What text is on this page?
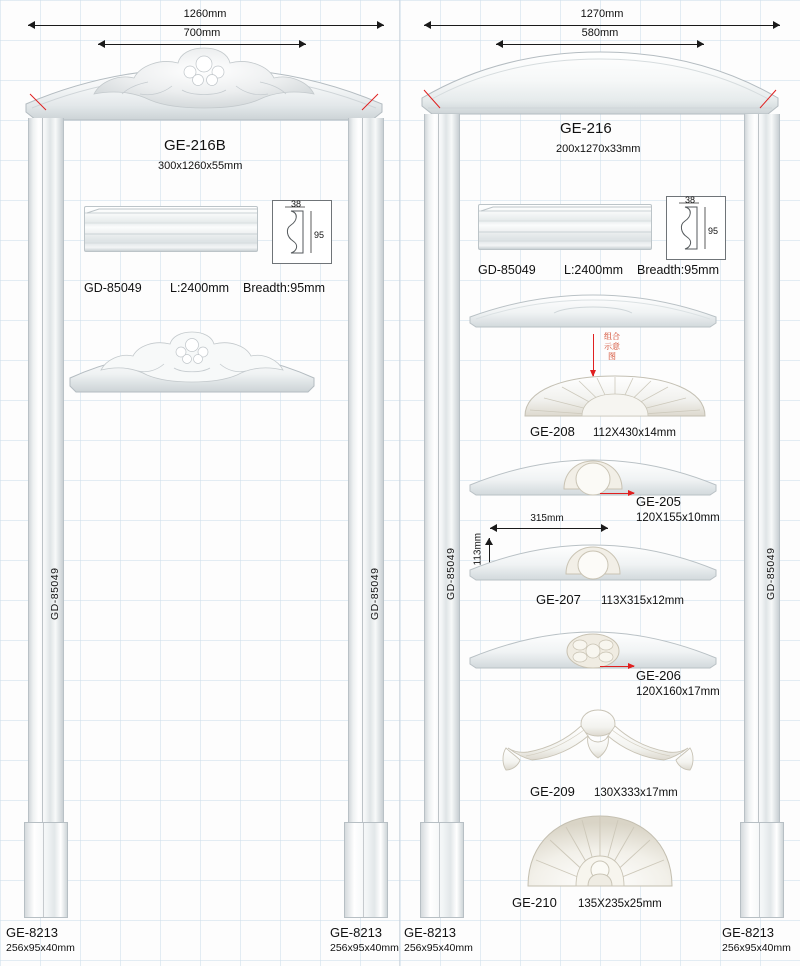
1260mm
700mm
GD-85049	GD-85049
GE-8213
256x95x40mm
GE-8213
256x95x40mm
GE-216B
300x1260x55mm
38
95
GD-85049 L:2400mm Breadth:95mm
1270mm
580mm
GD-85049	GD-85049
GE-8213
256x95x40mm
GE-8213
256x95x40mm
GE-216
200x1270x33mm
38
95
GD-85049 L:2400mm Breadth:95mm
组合示意图
GE-208 112X430x14mm
GE-205
120X155x10mm
315mm
113mm
GE-207 113X315x12mm
GE-206
120X160x17mm
GE-209 130X333x17mm
GE-210 135X235x25mm
